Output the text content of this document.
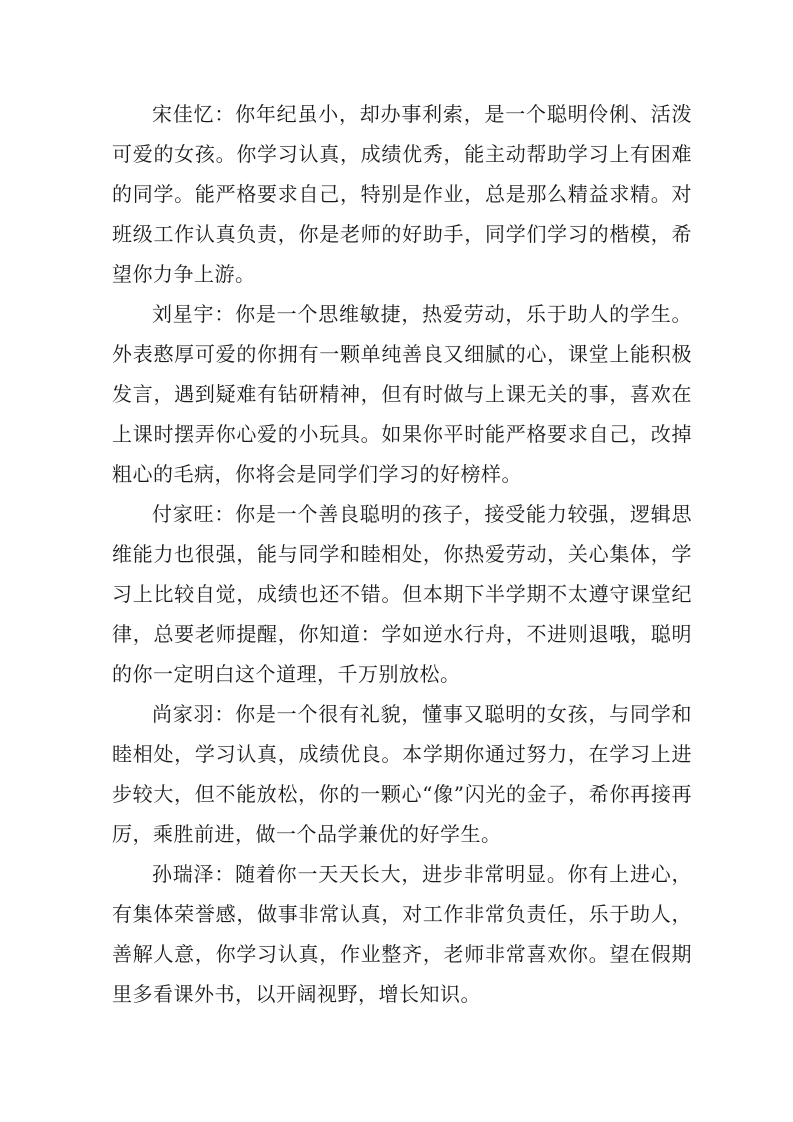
宋佳忆：你年纪虽小，却办事利索，是一个聪明伶俐、活泼可爱的女孩。你学习认真，成绩优秀，能主动帮助学习上有困难的同学。能严格要求自己，特别是作业，总是那么精益求精。对班级工作认真负责，你是老师的好助手，同学们学习的楷模，希望你力争上游。

刘星宇：你是一个思维敏捷，热爱劳动，乐于助人的学生。外表憨厚可爱的你拥有一颗单纯善良又细腻的心，课堂上能积极发言，遇到疑难有钻研精神，但有时做与上课无关的事，喜欢在上课时摆弄你心爱的小玩具。如果你平时能严格要求自己，改掉粗心的毛病，你将会是同学们学习的好榜样。

付家旺：你是一个善良聪明的孩子，接受能力较强，逻辑思维能力也很强，能与同学和睦相处，你热爱劳动，关心集体，学习上比较自觉，成绩也还不错。但本期下半学期不太遵守课堂纪律，总要老师提醒，你知道：学如逆水行舟，不进则退哦，聪明的你一定明白这个道理，千万别放松。

尚家羽：你是一个很有礼貌，懂事又聪明的女孩，与同学和睦相处，学习认真，成绩优良。本学期你通过努力，在学习上进步较大，但不能放松，你的一颗心“像”闪光的金子，希你再接再厉，乘胜前进，做一个品学兼优的好学生。

孙瑞泽：随着你一天天长大，进步非常明显。你有上进心，有集体荣誉感，做事非常认真，对工作非常负责任，乐于助人，善解人意，你学习认真，作业整齐，老师非常喜欢你。望在假期里多看课外书，以开阔视野，增长知识。
